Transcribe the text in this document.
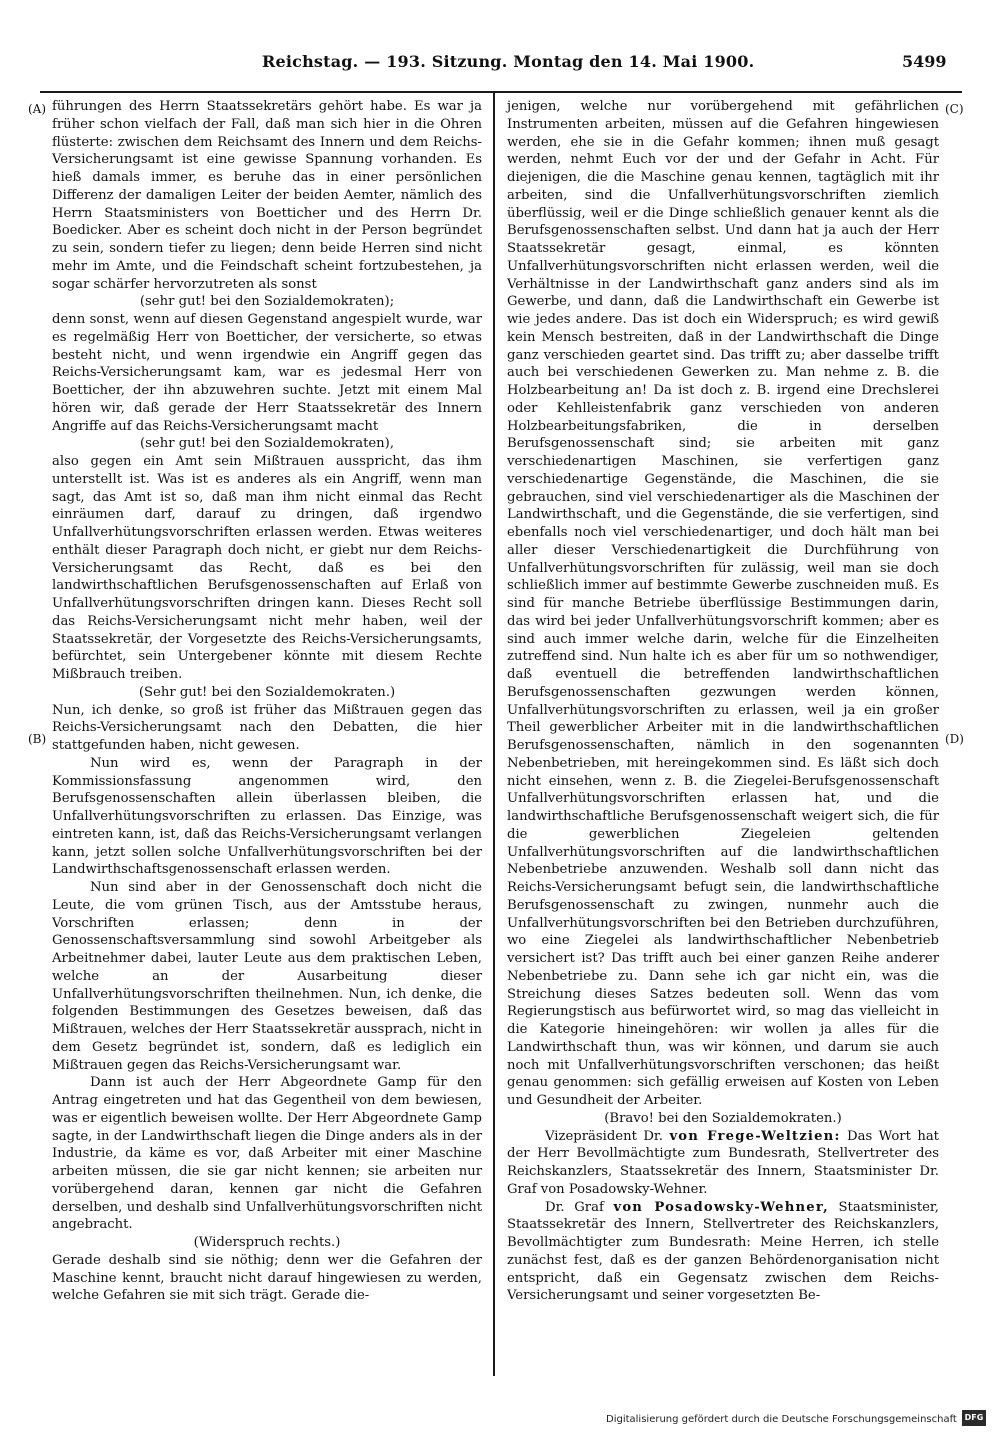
Reichstag. — 193. Sitzung. Montag den 14. Mai 1900.	5499
(A)
(B)
(C)
(D)

führungen des Herrn Staatssekretärs gehört habe. Es war ja früher schon vielfach der Fall, daß man sich hier in die Ohren flüsterte: zwischen dem Reichsamt des Innern und dem Reichs-Versicherungsamt ist eine gewisse Spannung vorhanden. Es hieß damals immer, es beruhe das in einer persönlichen Differenz der damaligen Leiter der beiden Aemter, nämlich des Herrn Staatsministers von Boetticher und des Herrn Dr. Boedicker. Aber es scheint doch nicht in der Person begründet zu sein, sondern tiefer zu liegen; denn beide Herren sind nicht mehr im Amte, und die Feindschaft scheint fortzubestehen, ja sogar schärfer hervorzutreten als sonst

(sehr gut! bei den Sozialdemokraten);

denn sonst, wenn auf diesen Gegenstand angespielt wurde, war es regelmäßig Herr von Boetticher, der versicherte, so etwas besteht nicht, und wenn irgendwie ein Angriff gegen das Reichs-Versicherungsamt kam, war es jedesmal Herr von Boetticher, der ihn abzuwehren suchte. Jetzt mit einem Mal hören wir, daß gerade der Herr Staatssekretär des Innern Angriffe auf das Reichs-Versicherungsamt macht

(sehr gut! bei den Sozialdemokraten),

also gegen ein Amt sein Mißtrauen ausspricht, das ihm unterstellt ist. Was ist es anderes als ein Angriff, wenn man sagt, das Amt ist so, daß man ihm nicht einmal das Recht einräumen darf, darauf zu dringen, daß irgendwo Unfallverhütungsvorschriften erlassen werden. Etwas weiteres enthält dieser Paragraph doch nicht, er giebt nur dem Reichs-Versicherungsamt das Recht, daß es bei den landwirthschaftlichen Berufsgenossenschaften auf Erlaß von Unfallverhütungsvorschriften dringen kann. Dieses Recht soll das Reichs-Versicherungsamt nicht mehr haben, weil der Staatssekretär, der Vorgesetzte des Reichs-Versicherungsamts, befürchtet, sein Untergebener könnte mit diesem Rechte Mißbrauch treiben.

(Sehr gut! bei den Sozialdemokraten.)

Nun, ich denke, so groß ist früher das Mißtrauen gegen das Reichs-Versicherungsamt nach den Debatten, die hier stattgefunden haben, nicht gewesen.

Nun wird es, wenn der Paragraph in der Kommissionsfassung angenommen wird, den Berufsgenossenschaften allein überlassen bleiben, die Unfallverhütungsvorschriften zu erlassen. Das Einzige, was eintreten kann, ist, daß das Reichs-Versicherungsamt verlangen kann, jetzt sollen solche Unfallverhütungsvorschriften bei der Landwirthschaftsgenossenschaft erlassen werden.

Nun sind aber in der Genossenschaft doch nicht die Leute, die vom grünen Tisch, aus der Amtsstube heraus, Vorschriften erlassen; denn in der Genossenschaftsversammlung sind sowohl Arbeitgeber als Arbeitnehmer dabei, lauter Leute aus dem praktischen Leben, welche an der Ausarbeitung dieser Unfallverhütungsvorschriften theilnehmen. Nun, ich denke, die folgenden Bestimmungen des Gesetzes beweisen, daß das Mißtrauen, welches der Herr Staatssekretär aussprach, nicht in dem Gesetz begründet ist, sondern, daß es lediglich ein Mißtrauen gegen das Reichs-Versicherungsamt war.

Dann ist auch der Herr Abgeordnete Gamp für den Antrag eingetreten und hat das Gegentheil von dem bewiesen, was er eigentlich beweisen wollte. Der Herr Abgeordnete Gamp sagte, in der Landwirthschaft liegen die Dinge anders als in der Industrie, da käme es vor, daß Arbeiter mit einer Maschine arbeiten müssen, die sie gar nicht kennen; sie arbeiten nur vorübergehend daran, kennen gar nicht die Gefahren derselben, und deshalb sind Unfallverhütungsvorschriften nicht angebracht.

(Widerspruch rechts.)

Gerade deshalb sind sie nöthig; denn wer die Gefahren der Maschine kennt, braucht nicht darauf hingewiesen zu werden, welche Gefahren sie mit sich trägt. Gerade die-

jenigen, welche nur vorübergehend mit gefährlichen Instrumenten arbeiten, müssen auf die Gefahren hingewiesen werden, ehe sie in die Gefahr kommen; ihnen muß gesagt werden, nehmt Euch vor der und der Gefahr in Acht. Für diejenigen, die die Maschine genau kennen, tagtäglich mit ihr arbeiten, sind die Unfallverhütungsvorschriften ziemlich überflüssig, weil er die Dinge schließlich genauer kennt als die Berufsgenossenschaften selbst. Und dann hat ja auch der Herr Staatssekretär gesagt, einmal, es könnten Unfallverhütungsvorschriften nicht erlassen werden, weil die Verhältnisse in der Landwirthschaft ganz anders sind als im Gewerbe, und dann, daß die Landwirthschaft ein Gewerbe ist wie jedes andere. Das ist doch ein Widerspruch; es wird gewiß kein Mensch bestreiten, daß in der Landwirthschaft die Dinge ganz verschieden geartet sind. Das trifft zu; aber dasselbe trifft auch bei verschiedenen Gewerken zu. Man nehme z. B. die Holzbearbeitung an! Da ist doch z. B. irgend eine Drechslerei oder Kehlleistenfabrik ganz verschieden von anderen Holzbearbeitungsfabriken, die in derselben Berufsgenossenschaft sind; sie arbeiten mit ganz verschiedenartigen Maschinen, sie verfertigen ganz verschiedenartige Gegenstände, die Maschinen, die sie gebrauchen, sind viel verschiedenartiger als die Maschinen der Landwirthschaft, und die Gegenstände, die sie verfertigen, sind ebenfalls noch viel verschiedenartiger, und doch hält man bei aller dieser Verschiedenartigkeit die Durchführung von Unfallverhütungsvorschriften für zulässig, weil man sie doch schließlich immer auf bestimmte Gewerbe zuschneiden muß. Es sind für manche Betriebe überflüssige Bestimmungen darin, das wird bei jeder Unfallverhütungsvorschrift kommen; aber es sind auch immer welche darin, welche für die Einzelheiten zutreffend sind. Nun halte ich es aber für um so nothwendiger, daß eventuell die betreffenden landwirthschaftlichen Berufsgenossenschaften gezwungen werden können, Unfallverhütungsvorschriften zu erlassen, weil ja ein großer Theil gewerblicher Arbeiter mit in die landwirthschaftlichen Berufsgenossenschaften, nämlich in den sogenannten Nebenbetrieben, mit hereingekommen sind. Es läßt sich doch nicht einsehen, wenn z. B. die Ziegelei-Berufsgenossenschaft Unfallverhütungsvorschriften erlassen hat, und die landwirthschaftliche Berufsgenossenschaft weigert sich, die für die gewerblichen Ziegeleien geltenden Unfallverhütungsvorschriften auf die landwirthschaftlichen Nebenbetriebe anzuwenden. Weshalb soll dann nicht das Reichs-Versicherungsamt befugt sein, die landwirthschaftliche Berufsgenossenschaft zu zwingen, nunmehr auch die Unfallverhütungsvorschriften bei den Betrieben durchzuführen, wo eine Ziegelei als landwirthschaftlicher Nebenbetrieb versichert ist? Das trifft auch bei einer ganzen Reihe anderer Nebenbetriebe zu. Dann sehe ich gar nicht ein, was die Streichung dieses Satzes bedeuten soll. Wenn das vom Regierungstisch aus befürwortet wird, so mag das vielleicht in die Kategorie hineingehören: wir wollen ja alles für die Landwirthschaft thun, was wir können, und darum sie auch noch mit Unfallverhütungsvorschriften verschonen; das heißt genau genommen: sich gefällig erweisen auf Kosten von Leben und Gesundheit der Arbeiter.

(Bravo! bei den Sozialdemokraten.)

Vizepräsident Dr. von Frege-Weltzien: Das Wort hat der Herr Bevollmächtigte zum Bundesrath, Stellvertreter des Reichskanzlers, Staatssekretär des Innern, Staatsminister Dr. Graf von Posadowsky-Wehner.

Dr. Graf von Posadowsky-Wehner, Staatsminister, Staatssekretär des Innern, Stellvertreter des Reichskanzlers, Bevollmächtigter zum Bundesrath: Meine Herren, ich stelle zunächst fest, daß es der ganzen Behördenorganisation nicht entspricht, daß ein Gegensatz zwischen dem Reichs-Versicherungsamt und seiner vorgesetzten Be-

Digitalisierung gefördert durch die Deutsche Forschungsgemeinschaft DFG
